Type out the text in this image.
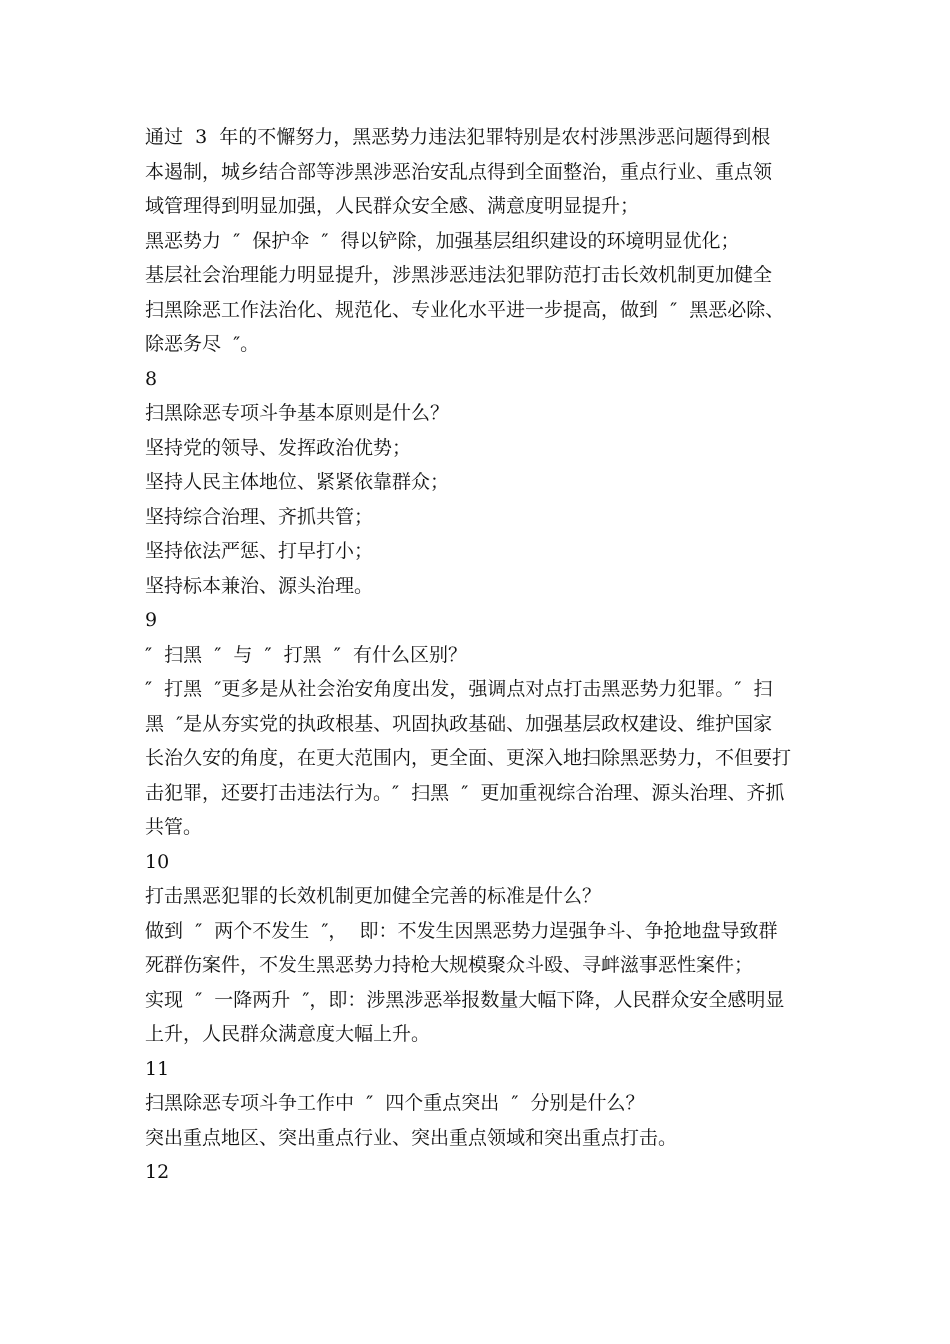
通过  3  年的不懈努力，黑恶势力违法犯罪特别是农村涉黑涉恶问题得到根
本遏制，城乡结合部等涉黑涉恶治安乱点得到全面整治，重点行业、重点领
域管理得到明显加强，人民群众安全感、满意度明显提升；
黑恶势力  ″  保护伞  ″  得以铲除，加强基层组织建设的环境明显优化；
基层社会治理能力明显提升，涉黑涉恶违法犯罪防范打击长效机制更加健全
扫黑除恶工作法治化、规范化、专业化水平进一步提高，做到  ″  黑恶必除、
除恶务尽  ″。
8
扫黑除恶专项斗争基本原则是什么？
坚持党的领导、发挥政治优势；
坚持人民主体地位、紧紧依靠群众；
坚持综合治理、齐抓共管；
坚持依法严惩、打早打小；
坚持标本兼治、源头治理。
9
″  扫黑  ″  与  ″  打黑  ″  有什么区别？
″  打黑  ″更多是从社会治安角度出发，强调点对点打击黑恶势力犯罪。″  扫
黑  ″是从夯实党的执政根基、巩固执政基础、加强基层政权建设、维护国家
长治久安的角度，在更大范围内，更全面、更深入地扫除黑恶势力，不但要打
击犯罪，还要打击违法行为。″  扫黑  ″  更加重视综合治理、源头治理、齐抓
共管。
10
打击黑恶犯罪的长效机制更加健全完善的标准是什么？
做到  ″  两个不发生  ″，  即：不发生因黑恶势力逞强争斗、争抢地盘导致群
死群伤案件，不发生黑恶势力持枪大规模聚众斗殴、寻衅滋事恶性案件；
实现  ″  一降两升  ″，即：涉黑涉恶举报数量大幅下降，人民群众安全感明显
上升，人民群众满意度大幅上升。
11
扫黑除恶专项斗争工作中  ″  四个重点突出  ″  分别是什么？
突出重点地区、突出重点行业、突出重点领域和突出重点打击。
12
